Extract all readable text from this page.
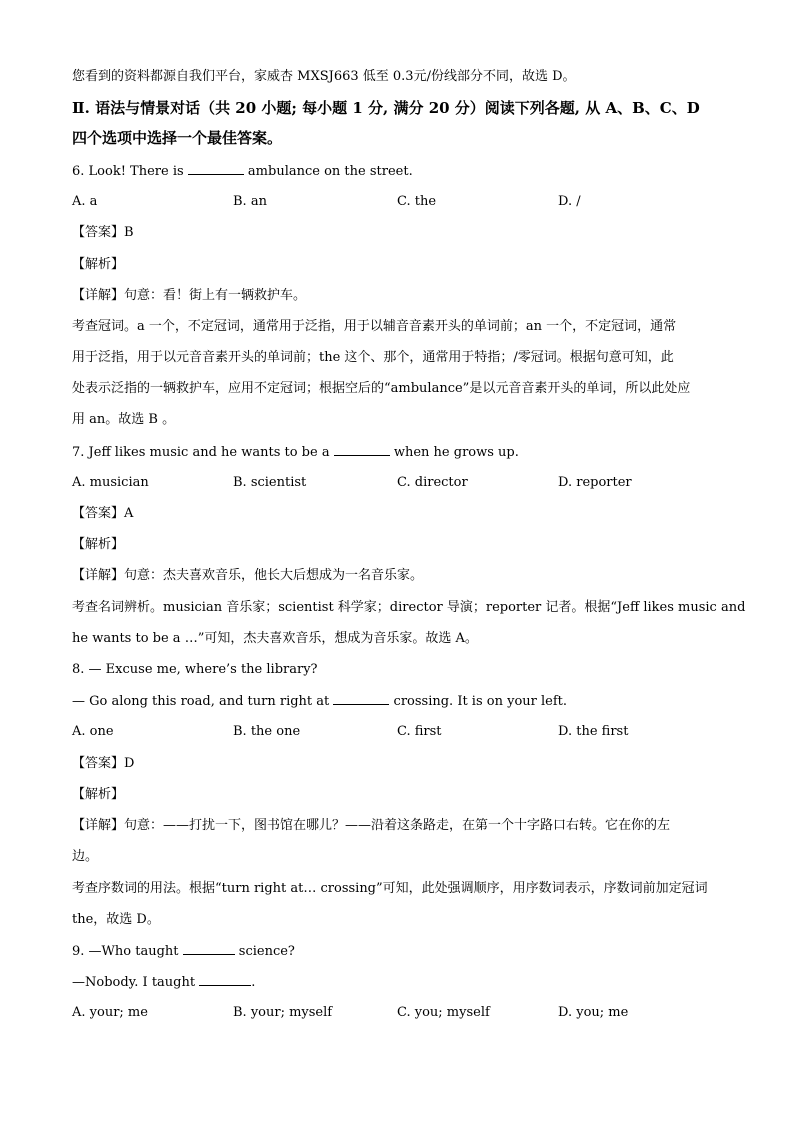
您看到的资料都源自我们平台，家威杏 MXSJ663 低至 0.3元/份线部分不同，故选 D。
Ⅱ. 语法与情景对话（共 20 小题; 每小题 1 分, 满分 20 分）阅读下列各题, 从 A、B、C、D
四个选项中选择一个最佳答案。
6. Look! There is	ambulance on the street.
A. a	B. an	C. the	D. /
【答案】B
【解析】
【详解】句意：看！街上有一辆救护车。
考查冠词。a 一个，不定冠词，通常用于泛指，用于以辅音音素开头的单词前；an 一个，不定冠词，通常
用于泛指，用于以元音音素开头的单词前；the 这个、那个，通常用于特指；/零冠词。根据句意可知，此
处表示泛指的一辆救护车，应用不定冠词；根据空后的“ambulance”是以元音音素开头的单词，所以此处应
用 an。故选 B 。
7. Jeff likes music and he wants to be a	when he grows up.
A. musician	B. scientist	C. director	D. reporter
【答案】A
【解析】
【详解】句意：杰夫喜欢音乐，他长大后想成为一名音乐家。
考查名词辨析。musician 音乐家；scientist 科学家；director 导演；reporter 记者。根据“Jeff likes music and
he wants to be a …”可知，杰夫喜欢音乐，想成为音乐家。故选 A。
8. — Excuse me, where’s the library?
— Go along this road, and turn right at	crossing. It is on your left.
A. one	B. the one	C. first	D. the first
【答案】D
【解析】
【详解】句意：——打扰一下，图书馆在哪儿？——沿着这条路走，在第一个十字路口右转。它在你的左
边。
考查序数词的用法。根据“turn right at… crossing”可知，此处强调顺序，用序数词表示，序数词前加定冠词
the，故选 D。
9. —Who taught	science?
—Nobody. I taught	.
A. your; me	B. your; myself	C. you; myself	D. you; me
